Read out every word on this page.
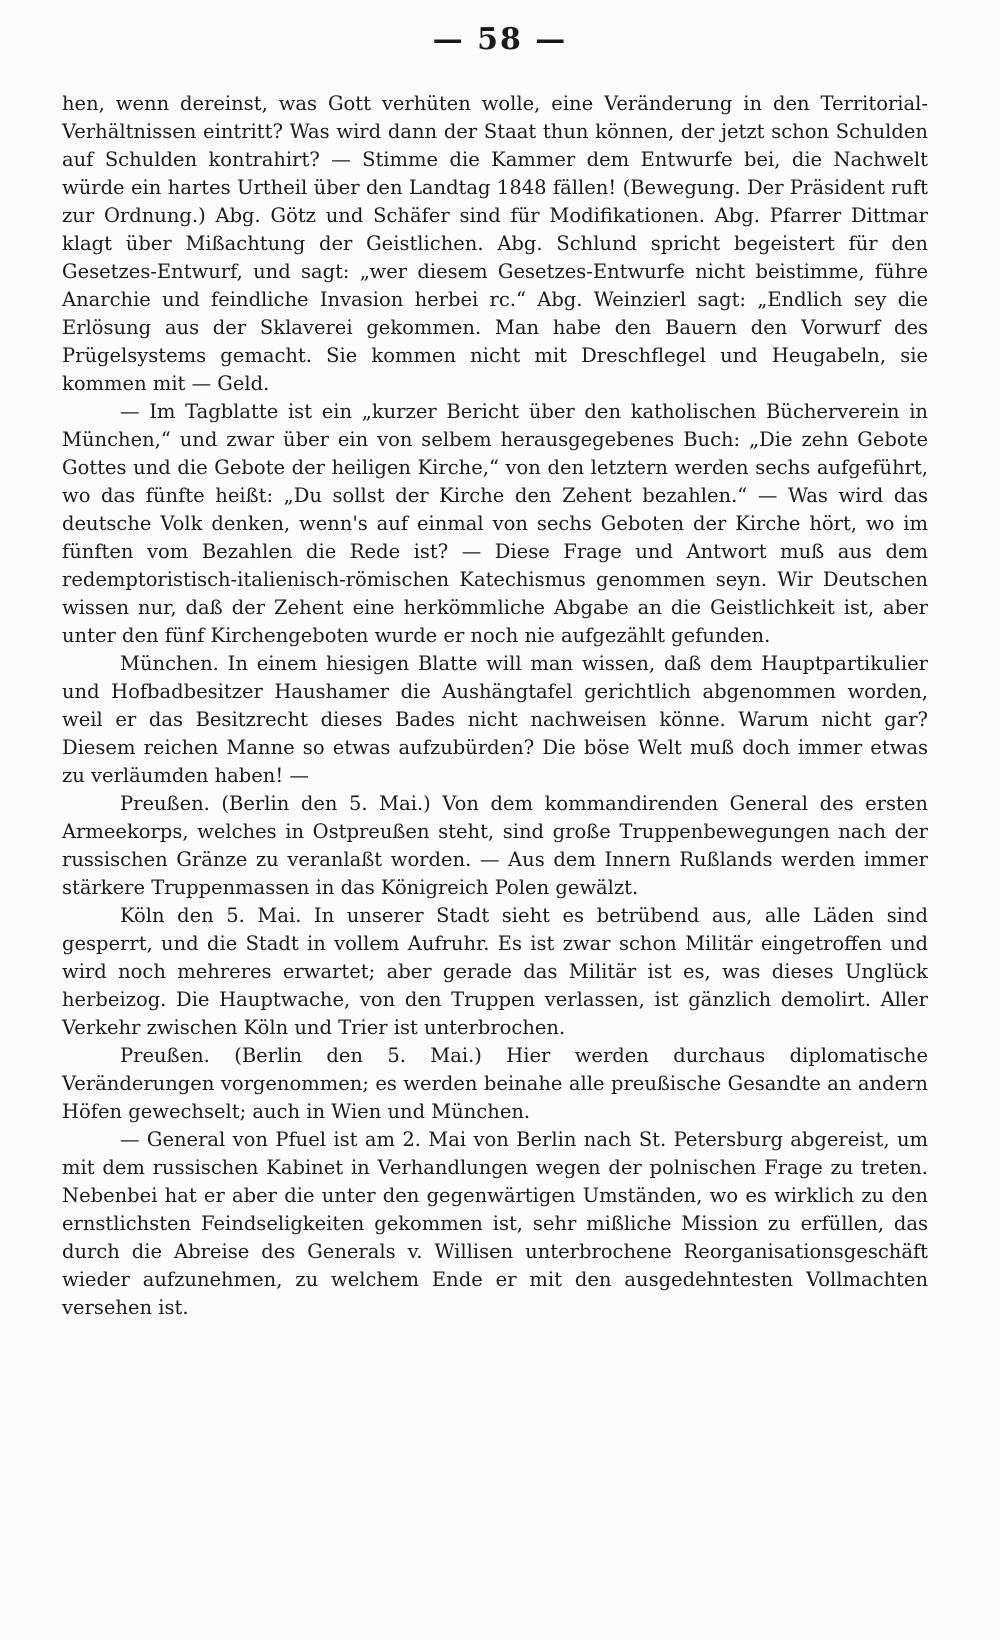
— 58 —

hen, wenn dereinst, was Gott verhüten wolle, eine Veränderung in den Territorial-Verhältnissen eintritt? Was wird dann der Staat thun können, der jetzt schon Schulden auf Schulden kontrahirt? — Stimme die Kammer dem Entwurfe bei, die Nachwelt würde ein hartes Urtheil über den Landtag 1848 fällen! (Bewegung. Der Präsident ruft zur Ordnung.) Abg. Götz und Schäfer sind für Modifikationen. Abg. Pfarrer Dittmar klagt über Mißachtung der Geistlichen. Abg. Schlund spricht begeistert für den Gesetzes-Entwurf, und sagt: „wer diesem Gesetzes-Entwurfe nicht beistimme, führe Anarchie und feindliche Invasion herbei rc.“ Abg. Weinzierl sagt: „Endlich sey die Erlösung aus der Sklaverei gekommen. Man habe den Bauern den Vorwurf des Prügelsystems gemacht. Sie kommen nicht mit Dreschflegel und Heugabeln, sie kommen mit — Geld.

— Im Tagblatte ist ein „kurzer Bericht über den katholischen Bücherverein in München,“ und zwar über ein von selbem herausgegebenes Buch: „Die zehn Gebote Gottes und die Gebote der heiligen Kirche,“ von den letztern werden sechs aufgeführt, wo das fünfte heißt: „Du sollst der Kirche den Zehent bezahlen.“ — Was wird das deutsche Volk denken, wenn's auf einmal von sechs Geboten der Kirche hört, wo im fünften vom Bezahlen die Rede ist? — Diese Frage und Antwort muß aus dem redemptoristisch-italienisch-römischen Katechismus genommen seyn. Wir Deutschen wissen nur, daß der Zehent eine herkömmliche Abgabe an die Geistlichkeit ist, aber unter den fünf Kirchengeboten wurde er noch nie aufgezählt gefunden.

München. In einem hiesigen Blatte will man wissen, daß dem Hauptpartikulier und Hofbadbesitzer Haushamer die Aushängtafel gerichtlich abgenommen worden, weil er das Besitzrecht dieses Bades nicht nachweisen könne. Warum nicht gar? Diesem reichen Manne so etwas aufzubürden? Die böse Welt muß doch immer etwas zu verläumden haben! —

Preußen. (Berlin den 5. Mai.) Von dem kommandirenden General des ersten Armeekorps, welches in Ostpreußen steht, sind große Truppenbewegungen nach der russischen Gränze zu veranlaßt worden. — Aus dem Innern Rußlands werden immer stärkere Truppenmassen in das Königreich Polen gewälzt.

Köln den 5. Mai. In unserer Stadt sieht es betrübend aus, alle Läden sind gesperrt, und die Stadt in vollem Aufruhr. Es ist zwar schon Militär eingetroffen und wird noch mehreres erwartet; aber gerade das Militär ist es, was dieses Unglück herbeizog. Die Hauptwache, von den Truppen verlassen, ist gänzlich demolirt. Aller Verkehr zwischen Köln und Trier ist unterbrochen.

Preußen. (Berlin den 5. Mai.) Hier werden durchaus diplomatische Veränderungen vorgenommen; es werden beinahe alle preußische Gesandte an andern Höfen gewechselt; auch in Wien und München.

— General von Pfuel ist am 2. Mai von Berlin nach St. Petersburg abgereist, um mit dem russischen Kabinet in Verhandlungen wegen der polnischen Frage zu treten. Nebenbei hat er aber die unter den gegenwärtigen Umständen, wo es wirklich zu den ernstlichsten Feindseligkeiten gekommen ist, sehr mißliche Mission zu erfüllen, das durch die Abreise des Generals v. Willisen unterbrochene Reorganisationsgeschäft wieder aufzunehmen, zu welchem Ende er mit den ausgedehntesten Vollmachten versehen ist.
